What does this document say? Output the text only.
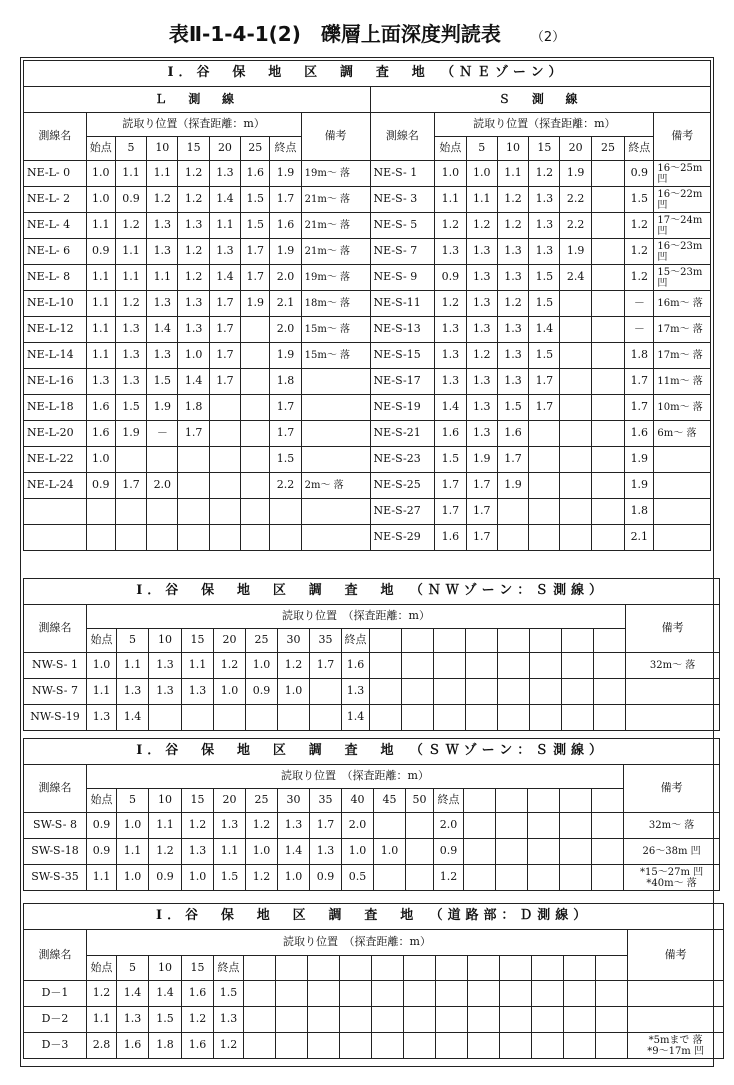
表Ⅱ-1-4-1(2)　礫層上面深度判読表 （2）
Ⅰ．谷　保　地　区　調　査　地　（ＮＥゾーン）																	
Ｌ　測　線									Ｓ　測　線								
測線名	読取り位置（探査距離：m）							備考	測線名	読取り位置（探査距離：m）							備考
	始点	5	10	15	20	25	終点			始点	5	10	15	20	25	終点	
NE-L- 0	1.0	1.1	1.1	1.2	1.3	1.6	1.9	19m～ 落	NE-S- 1	1.0	1.0	1.1	1.2	1.9		0.9	16～25m 凹
NE-L- 2	1.0	0.9	1.2	1.2	1.4	1.5	1.7	21m～ 落	NE-S- 3	1.1	1.1	1.2	1.3	2.2		1.5	16～22m 凹
NE-L- 4	1.1	1.2	1.3	1.3	1.1	1.5	1.6	21m～ 落	NE-S- 5	1.2	1.2	1.2	1.3	2.2		1.2	17～24m 凹
NE-L- 6	0.9	1.1	1.3	1.2	1.3	1.7	1.9	21m～ 落	NE-S- 7	1.3	1.3	1.3	1.3	1.9		1.2	16～23m 凹
NE-L- 8	1.1	1.1	1.1	1.2	1.4	1.7	2.0	19m～ 落	NE-S- 9	0.9	1.3	1.3	1.5	2.4		1.2	15～23m 凹
NE-L-10	1.1	1.2	1.3	1.3	1.7	1.9	2.1	18m～ 落	NE-S-11	1.2	1.3	1.2	1.5			－	16m～ 落
NE-L-12	1.1	1.3	1.4	1.3	1.7		2.0	15m～ 落	NE-S-13	1.3	1.3	1.3	1.4			－	17m～ 落
NE-L-14	1.1	1.3	1.3	1.0	1.7		1.9	15m～ 落	NE-S-15	1.3	1.2	1.3	1.5			1.8	17m～ 落
NE-L-16	1.3	1.3	1.5	1.4	1.7		1.8		NE-S-17	1.3	1.3	1.3	1.7			1.7	11m～ 落
NE-L-18	1.6	1.5	1.9	1.8			1.7		NE-S-19	1.4	1.3	1.5	1.7			1.7	10m～ 落
NE-L-20	1.6	1.9	－	1.7			1.7		NE-S-21	1.6	1.3	1.6				1.6	6m～ 落
NE-L-22	1.0						1.5		NE-S-23	1.5	1.9	1.7				1.9	
NE-L-24	0.9	1.7	2.0				2.2	2m～ 落	NE-S-25	1.7	1.7	1.9				1.9	
									NE-S-27	1.7	1.7					1.8	
									NE-S-29	1.6	1.7					2.1	
Ⅰ．谷　保　地　区　調　査　地　（ＮＷゾーン：Ｓ測線）																		
測線名	読取り位置　（探査距離：m）																	備考
	始点	5	10	15	20	25	30	35	終点									
NW-S- 1	1.0	1.1	1.3	1.1	1.2	1.0	1.2	1.7	1.6									32m～ 落
NW-S- 7	1.1	1.3	1.3	1.3	1.0	0.9	1.0		1.3									
NW-S-19	1.3	1.4							1.4									
Ⅰ．谷　保　地　区　調　査　地　（ＳＷゾーン：Ｓ測線）																		
測線名	読取り位置　（探査距離：m）																	備考
	始点	5	10	15	20	25	30	35	40	45	50	終点						
SW-S- 8	0.9	1.0	1.1	1.2	1.3	1.2	1.3	1.7	2.0			2.0						32m～ 落
SW-S-18	0.9	1.1	1.2	1.3	1.1	1.0	1.4	1.3	1.0	1.0		0.9						26～38m 凹
SW-S-35	1.1	1.0	0.9	1.0	1.5	1.2	1.0	0.9	0.5			1.2						*15～27m 凹
*40m～ 落
Ⅰ．谷　保　地　区　調　査　地　（道路部：Ｄ測線）																		
測線名	読取り位置　（探査距離：m）																	備考
	始点	5	10	15	終点													
D－1	1.2	1.4	1.4	1.6	1.5													
D－2	1.1	1.3	1.5	1.2	1.3													
D－3	2.8	1.6	1.8	1.6	1.2													*5mまで 落
*9～17m 凹
